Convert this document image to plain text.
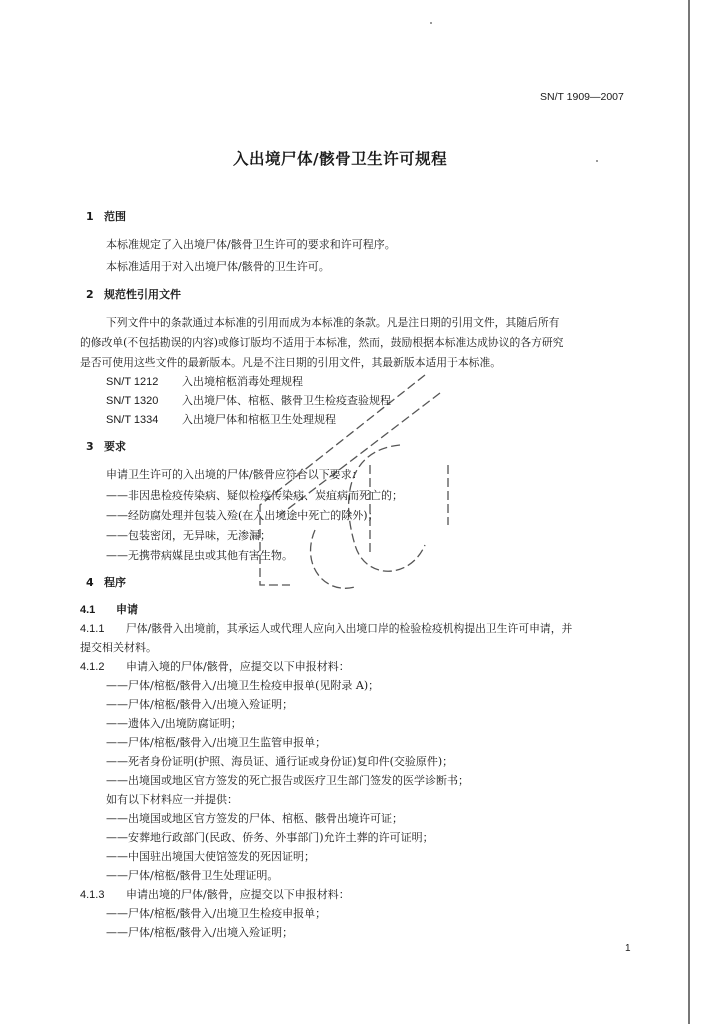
SN/T 1909—2007
入出境尸体/骸骨卫生许可规程
1 范围
本标准规定了入出境尸体/骸骨卫生许可的要求和许可程序。
本标准适用于对入出境尸体/骸骨的卫生许可。
2 规范性引用文件
下列文件中的条款通过本标准的引用而成为本标准的条款。凡是注日期的引用文件，其随后所有
的修改单(不包括勘误的内容)或修订版均不适用于本标准，然而，鼓励根据本标准达成协议的各方研究
是否可使用这些文件的最新版本。凡是不注日期的引用文件，其最新版本适用于本标准。
SN/T 1212 入出境棺柩消毒处理规程
SN/T 1320 入出境尸体、棺柩、骸骨卫生检疫查验规程
SN/T 1334 入出境尸体和棺柩卫生处理规程
3 要求
申请卫生许可的入出境的尸体/骸骨应符合以下要求：
——非因患检疫传染病、疑似检疫传染病、炭疽病而死亡的；
——经防腐处理并包装入殓(在入出境途中死亡的除外)；
——包装密闭，无异味，无渗漏；
——无携带病媒昆虫或其他有害生物。
4 程序
4.1 申请
4.1.1 尸体/骸骨入出境前，其承运人或代理人应向入出境口岸的检验检疫机构提出卫生许可申请，并
提交相关材料。
4.1.2 申请入境的尸体/骸骨，应提交以下申报材料：
——尸体/棺柩/骸骨入/出境卫生检疫申报单(见附录 A)；
——尸体/棺柩/骸骨入/出境入殓证明；
——遗体入/出境防腐证明；
——尸体/棺柩/骸骨入/出境卫生监管申报单；
——死者身份证明(护照、海员证、通行证或身份证)复印件(交验原件)；
——出境国或地区官方签发的死亡报告或医疗卫生部门签发的医学诊断书；
如有以下材料应一并提供：
——出境国或地区官方签发的尸体、棺柩、骸骨出境许可证；
——安葬地行政部门(民政、侨务、外事部门)允许土葬的许可证明；
——中国驻出境国大使馆签发的死因证明；
——尸体/棺柩/骸骨卫生处理证明。
4.1.3 申请出境的尸体/骸骨，应提交以下申报材料：
——尸体/棺柩/骸骨入/出境卫生检疫申报单；
——尸体/棺柩/骸骨入/出境入殓证明；
1
